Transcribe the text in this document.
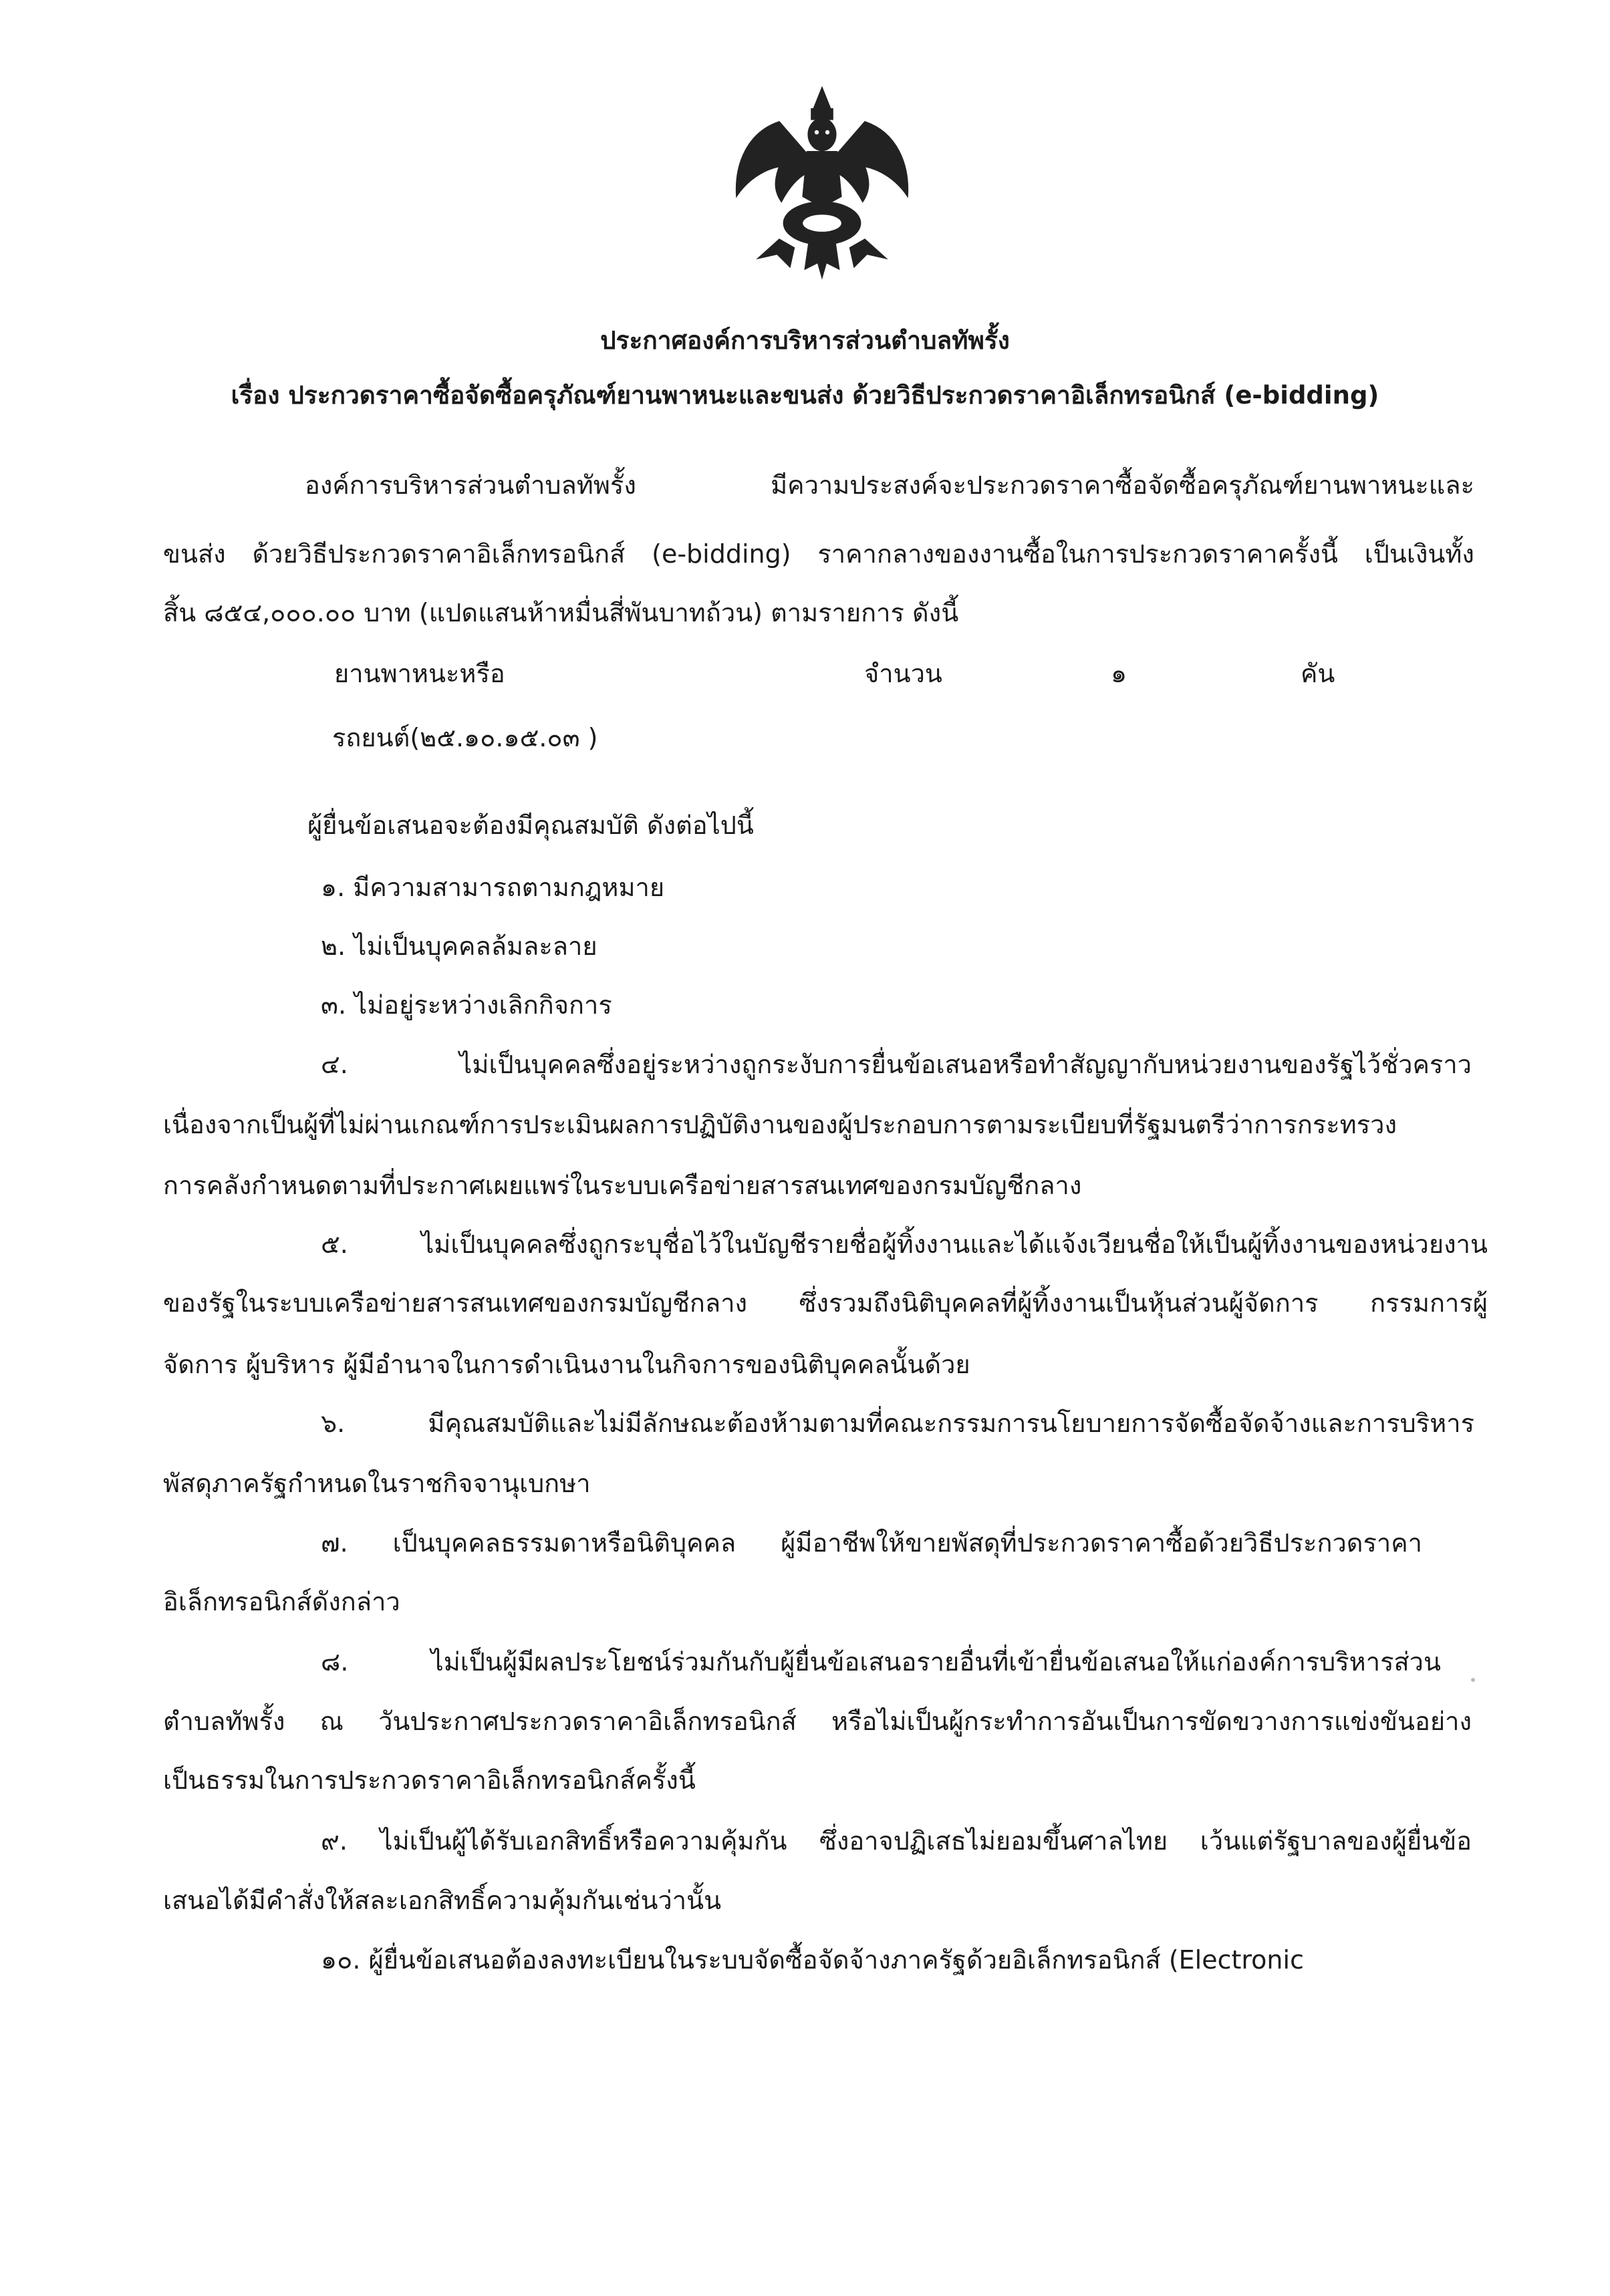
ประกาศองค์การบริหารส่วนตำบลทัพรั้ง
เรื่อง ประกวดราคาซื้อจัดซื้อครุภัณฑ์ยานพาหนะและขนส่ง ด้วยวิธีประกวดราคาอิเล็กทรอนิกส์ (e-bidding)
องค์การบริหารส่วนตำบลทัพรั้ง มีความประสงค์จะประกวดราคาซื้อจัดซื้อครุภัณฑ์ยานพาหนะและ
ขนส่ง ด้วยวิธีประกวดราคาอิเล็กทรอนิกส์ (e-bidding) ราคากลางของงานซื้อในการประกวดราคาครั้งนี้ เป็นเงินทั้ง
สิ้น ๘๕๔,๐๐๐.๐๐ บาท (แปดแสนห้าหมื่นสี่พันบาทถ้วน) ตามรายการ ดังนี้
ยานพาหนะหรือ	จำนวน	๑	คัน
รถยนต์(๒๕.๑๐.๑๕.๐๓ )
ผู้ยื่นข้อเสนอจะต้องมีคุณสมบัติ ดังต่อไปนี้
๑. มีความสามารถตามกฎหมาย
๒. ไม่เป็นบุคคลล้มละลาย
๓. ไม่อยู่ระหว่างเลิกกิจการ
๔. ไม่เป็นบุคคลซึ่งอยู่ระหว่างถูกระงับการยื่นข้อเสนอหรือทำสัญญากับหน่วยงานของรัฐไว้ชั่วคราว
เนื่องจากเป็นผู้ที่ไม่ผ่านเกณฑ์การประเมินผลการปฏิบัติงานของผู้ประกอบการตามระเบียบที่รัฐมนตรีว่าการกระทรวง
การคลังกำหนดตามที่ประกาศเผยแพร่ในระบบเครือข่ายสารสนเทศของกรมบัญชีกลาง
๕. ไม่เป็นบุคคลซึ่งถูกระบุชื่อไว้ในบัญชีรายชื่อผู้ทิ้งงานและได้แจ้งเวียนชื่อให้เป็นผู้ทิ้งงานของหน่วยงาน
ของรัฐในระบบเครือข่ายสารสนเทศของกรมบัญชีกลาง ซึ่งรวมถึงนิติบุคคลที่ผู้ทิ้งงานเป็นหุ้นส่วนผู้จัดการ กรรมการผู้
จัดการ ผู้บริหาร ผู้มีอำนาจในการดำเนินงานในกิจการของนิติบุคคลนั้นด้วย
๖. มีคุณสมบัติและไม่มีลักษณะต้องห้ามตามที่คณะกรรมการนโยบายการจัดซื้อจัดจ้างและการบริหาร
พัสดุภาครัฐกำหนดในราชกิจจานุเบกษา
๗. เป็นบุคคลธรรมดาหรือนิติบุคคล ผู้มีอาชีพให้ขายพัสดุที่ประกวดราคาซื้อด้วยวิธีประกวดราคา
อิเล็กทรอนิกส์ดังกล่าว
๘. ไม่เป็นผู้มีผลประโยชน์ร่วมกันกับผู้ยื่นข้อเสนอรายอื่นที่เข้ายื่นข้อเสนอให้แก่องค์การบริหารส่วน
ตำบลทัพรั้ง ณ วันประกาศประกวดราคาอิเล็กทรอนิกส์ หรือไม่เป็นผู้กระทำการอันเป็นการขัดขวางการแข่งขันอย่าง
เป็นธรรมในการประกวดราคาอิเล็กทรอนิกส์ครั้งนี้
๙. ไม่เป็นผู้ได้รับเอกสิทธิ์หรือความคุ้มกัน ซึ่งอาจปฏิเสธไม่ยอมขึ้นศาลไทย เว้นแต่รัฐบาลของผู้ยื่นข้อ
เสนอได้มีคำสั่งให้สละเอกสิทธิ์ความคุ้มกันเช่นว่านั้น
๑๐. ผู้ยื่นข้อเสนอต้องลงทะเบียนในระบบจัดซื้อจัดจ้างภาครัฐด้วยอิเล็กทรอนิกส์ (Electronic
